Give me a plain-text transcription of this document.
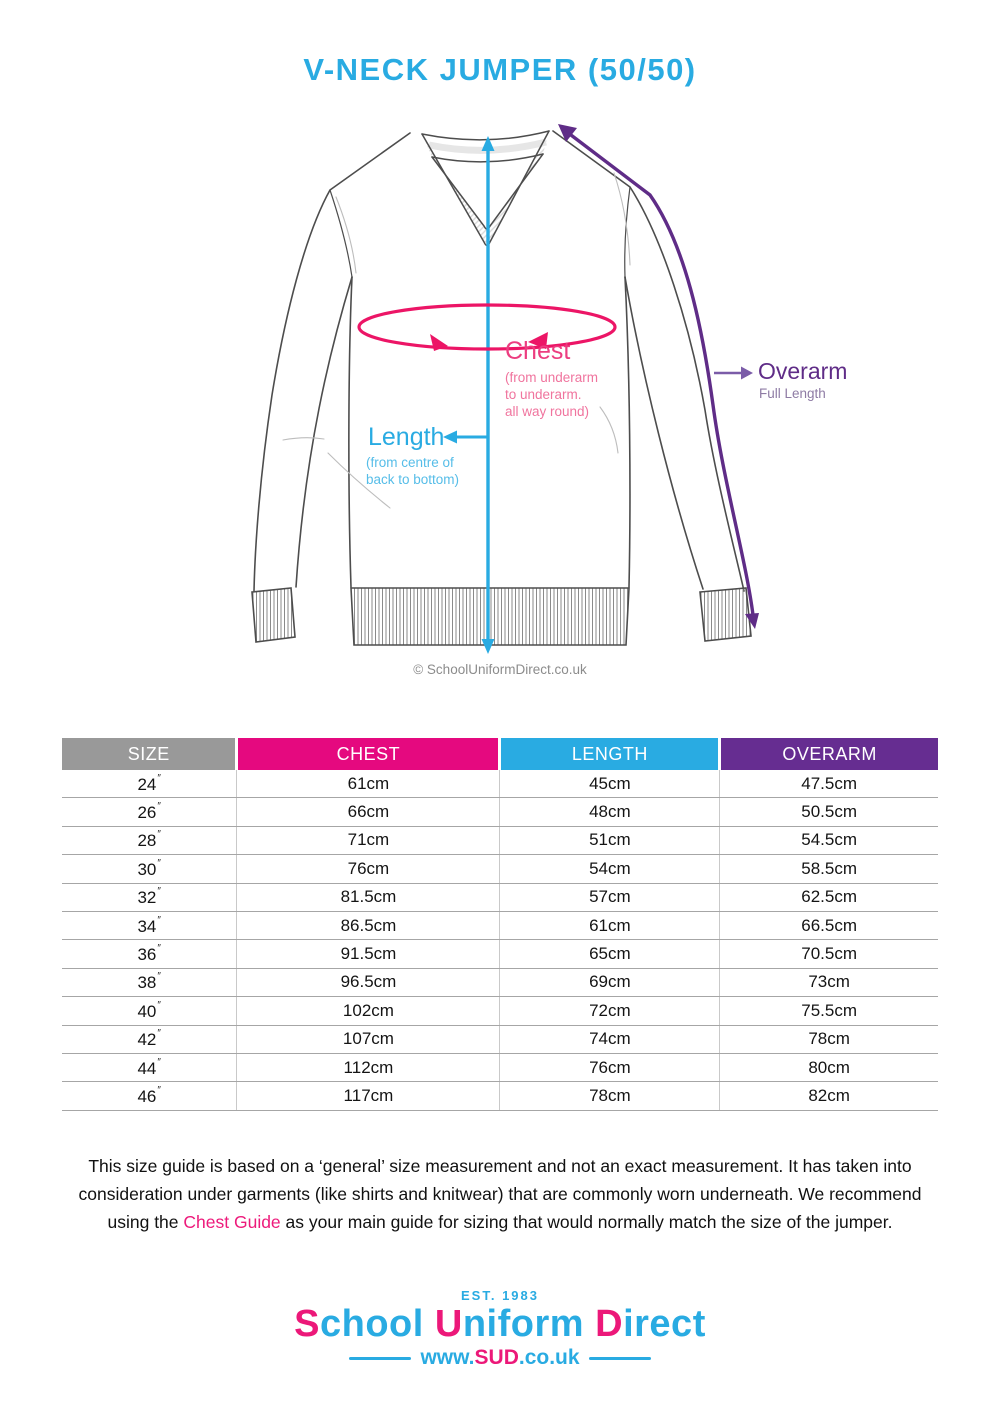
V-NECK JUMPER (50/50)

Chest

(from underarm
to underarm.
all way round)

Length

(from centre of
back to bottom)

Overarm

Full Length

© SchoolUniformDirect.co.uk
SIZE	CHEST	LENGTH	OVERARM
24″	61cm	45cm	47.5cm
26″	66cm	48cm	50.5cm
28″	71cm	51cm	54.5cm
30″	76cm	54cm	58.5cm
32″	81.5cm	57cm	62.5cm
34″	86.5cm	61cm	66.5cm
36″	91.5cm	65cm	70.5cm
38″	96.5cm	69cm	73cm
40″	102cm	72cm	75.5cm
42″	107cm	74cm	78cm
44″	112cm	76cm	80cm
46″	117cm	78cm	82cm
This size guide is based on a ‘general’ size measurement and not an exact measurement. It has taken into
consideration under garments (like shirts and knitwear) that are commonly worn underneath. We recommend
using the Chest Guide as your main guide for sizing that would normally match the size of the jumper.
EST. 1983
School Uniform Direct
www. SUD .co.uk
